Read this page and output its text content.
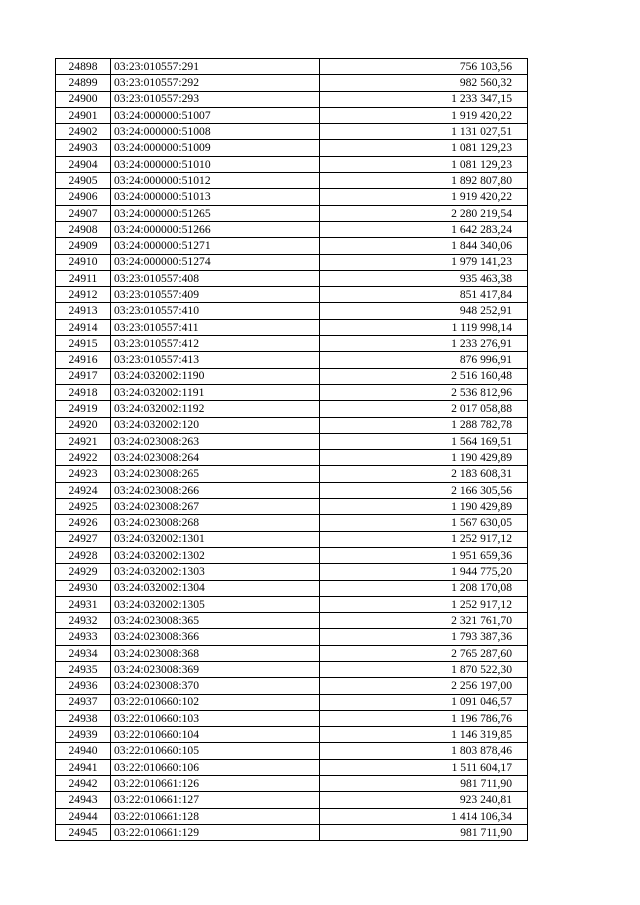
24898	03:23:010557:291	756 103,56
24899	03:23:010557:292	982 560,32
24900	03:23:010557:293	1 233 347,15
24901	03:24:000000:51007	1 919 420,22
24902	03:24:000000:51008	1 131 027,51
24903	03:24:000000:51009	1 081 129,23
24904	03:24:000000:51010	1 081 129,23
24905	03:24:000000:51012	1 892 807,80
24906	03:24:000000:51013	1 919 420,22
24907	03:24:000000:51265	2 280 219,54
24908	03:24:000000:51266	1 642 283,24
24909	03:24:000000:51271	1 844 340,06
24910	03:24:000000:51274	1 979 141,23
24911	03:23:010557:408	935 463,38
24912	03:23:010557:409	851 417,84
24913	03:23:010557:410	948 252,91
24914	03:23:010557:411	1 119 998,14
24915	03:23:010557:412	1 233 276,91
24916	03:23:010557:413	876 996,91
24917	03:24:032002:1190	2 516 160,48
24918	03:24:032002:1191	2 536 812,96
24919	03:24:032002:1192	2 017 058,88
24920	03:24:032002:120	1 288 782,78
24921	03:24:023008:263	1 564 169,51
24922	03:24:023008:264	1 190 429,89
24923	03:24:023008:265	2 183 608,31
24924	03:24:023008:266	2 166 305,56
24925	03:24:023008:267	1 190 429,89
24926	03:24:023008:268	1 567 630,05
24927	03:24:032002:1301	1 252 917,12
24928	03:24:032002:1302	1 951 659,36
24929	03:24:032002:1303	1 944 775,20
24930	03:24:032002:1304	1 208 170,08
24931	03:24:032002:1305	1 252 917,12
24932	03:24:023008:365	2 321 761,70
24933	03:24:023008:366	1 793 387,36
24934	03:24:023008:368	2 765 287,60
24935	03:24:023008:369	1 870 522,30
24936	03:24:023008:370	2 256 197,00
24937	03:22:010660:102	1 091 046,57
24938	03:22:010660:103	1 196 786,76
24939	03:22:010660:104	1 146 319,85
24940	03:22:010660:105	1 803 878,46
24941	03:22:010660:106	1 511 604,17
24942	03:22:010661:126	981 711,90
24943	03:22:010661:127	923 240,81
24944	03:22:010661:128	1 414 106,34
24945	03:22:010661:129	981 711,90
